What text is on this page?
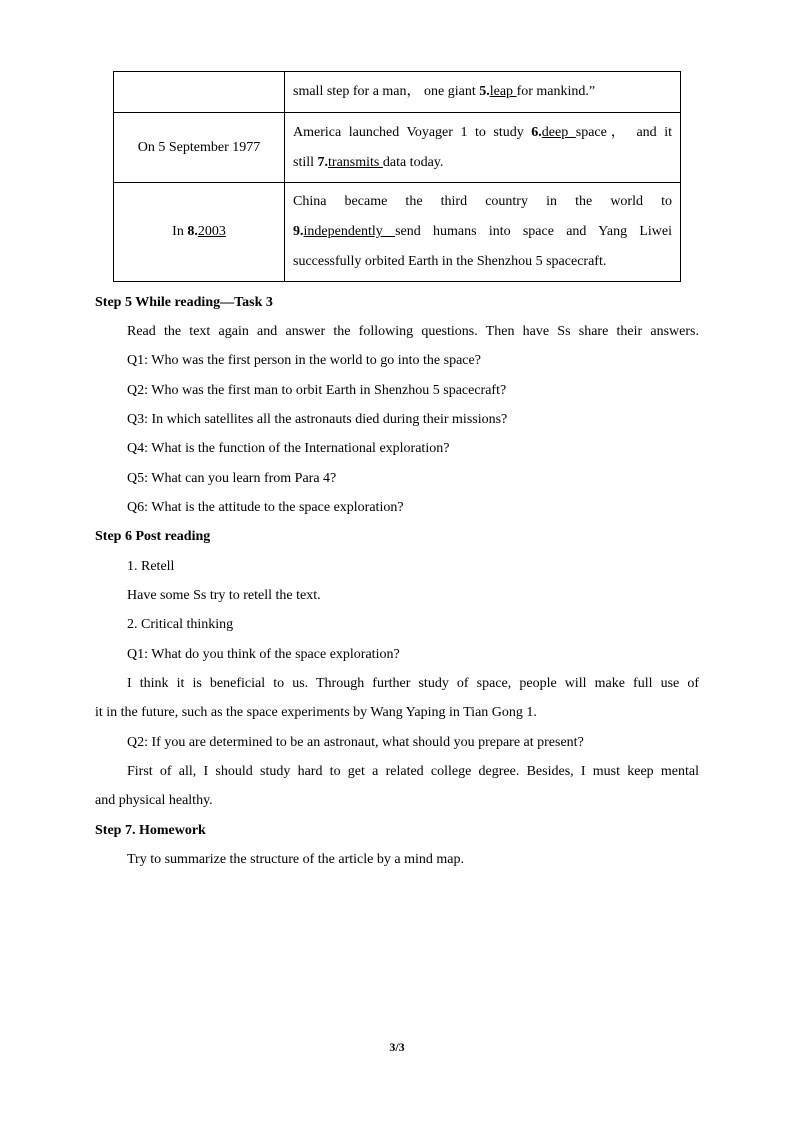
	small step for a man， one giant 5.leap for mankind.”

On 5 September 1977	America launched Voyager 1 to study 6.deep space， and it
still 7.transmits data today.

In 8.2003	China became the third country in the world to
9.independently send humans into space and Yang Liwei
successfully orbited Earth in the Shenzhou 5 spacecraft.
Step 5 While reading—Task 3
Read the text again and answer the following questions. Then have Ss share their answers.
Q1: Who was the first person in the world to go into the space?
Q2: Who was the first man to orbit Earth in Shenzhou 5 spacecraft?
Q3: In which satellites all the astronauts died during their missions?
Q4: What is the function of the International exploration?
Q5: What can you learn from Para 4?
Q6: What is the attitude to the space exploration?
Step 6 Post reading
1. Retell
Have some Ss try to retell the text.
2. Critical thinking
Q1: What do you think of the space exploration?
I think it is beneficial to us. Through further study of space, people will make full use of
it in the future, such as the space experiments by Wang Yaping in Tian Gong 1.
Q2: If you are determined to be an astronaut, what should you prepare at present?
First of all, I should study hard to get a related college degree. Besides, I must keep mental
and physical healthy.
Step 7. Homework
Try to summarize the structure of the article by a mind map.
3/3
